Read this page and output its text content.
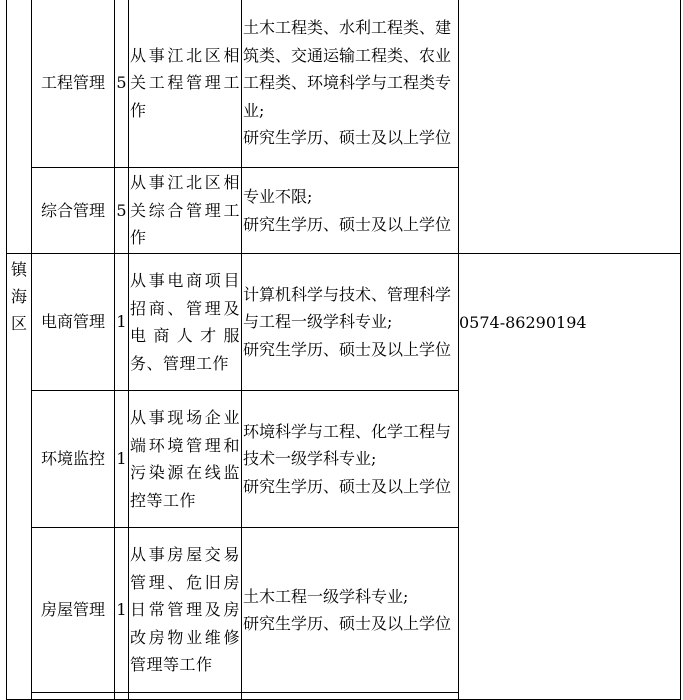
	工程管理	5	从事江北区相关工程管理工作	土木工程类、水利工程类、建筑类、交通运输工程类、农业工程类、环境科学与工程类专业;

研究生学历、硕士及以上学位	

	综合管理	5	从事江北区相关综合管理工作	专业不限;

研究生学历、硕士及以上学位	

镇海区	电商管理	1	从事电商项目招商、管理及电商人才服务、管理工作	计算机科学与技术、管理科学与工程一级学科专业;

研究生学历、硕士及以上学位	0574-86290194
	环境监控	1	从事现场企业端环境管理和污染源在线监控等工作	环境科学与工程、化学工程与技术一级学科专业;

研究生学历、硕士及以上学位	

	房屋管理	1	从事房屋交易管理、危旧房日常管理及房改房物业维修管理等工作	土木工程一级学科专业;

研究生学历、硕士及以上学位	
